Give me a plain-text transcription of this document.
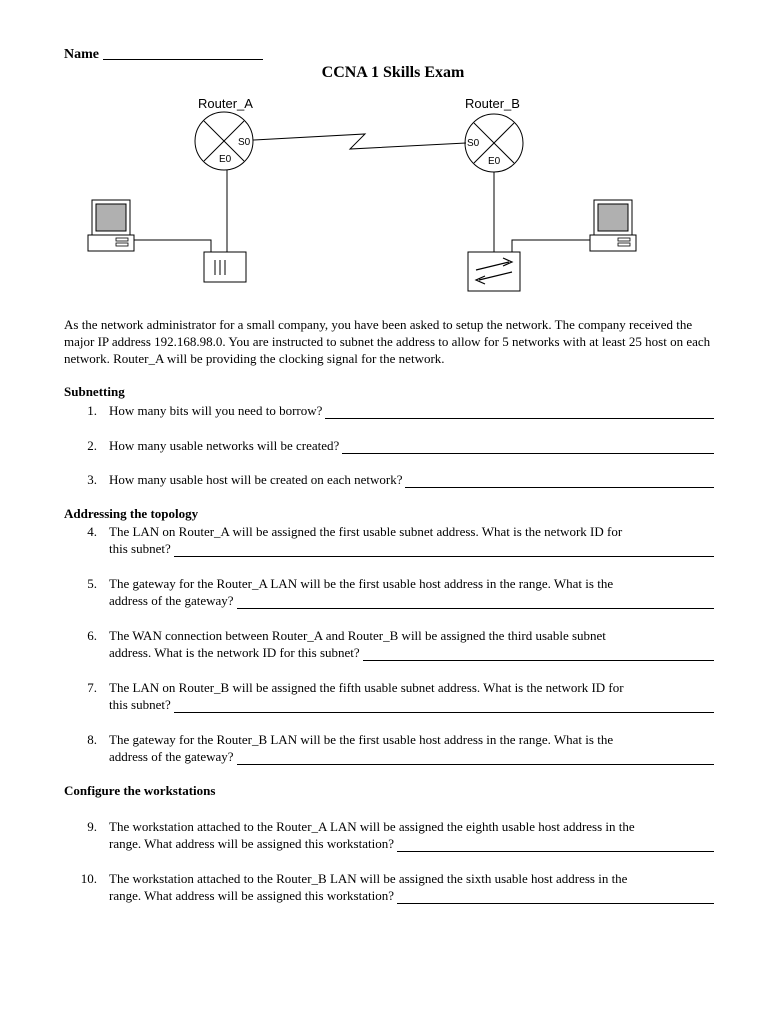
Name
CCNA 1 Skills Exam
Router_A	Router_B
S0
E0
S0
E0
As the network administrator for a small company, you have been asked to setup the network. The company received the major IP address 192.168.98.0. You are instructed to subnet the address to allow for 5 networks with at least 25 host on each network. Router_A will be providing the clocking signal for the network.
Subnetting
1. How many bits will you need to borrow?
2. How many usable networks will be created?
3. How many usable host will be created on each network?
Addressing the topology
4. The LAN on Router_A will be assigned the first usable subnet address. What is the network ID for
this subnet?
5. The gateway for the Router_A LAN will be the first usable host address in the range. What is the
address of the gateway?
6. The WAN connection between Router_A and Router_B will be assigned the third usable subnet
address. What is the network ID for this subnet?
7. The LAN on Router_B will be assigned the fifth usable subnet address. What is the network ID for
this subnet?
8. The gateway for the Router_B LAN will be the first usable host address in the range. What is the
address of the gateway?
Configure the workstations
9. The workstation attached to the Router_A LAN will be assigned the eighth usable host address in the
range. What address will be assigned this workstation?
10. The workstation attached to the Router_B LAN will be assigned the sixth usable host address in the
range. What address will be assigned this workstation?
